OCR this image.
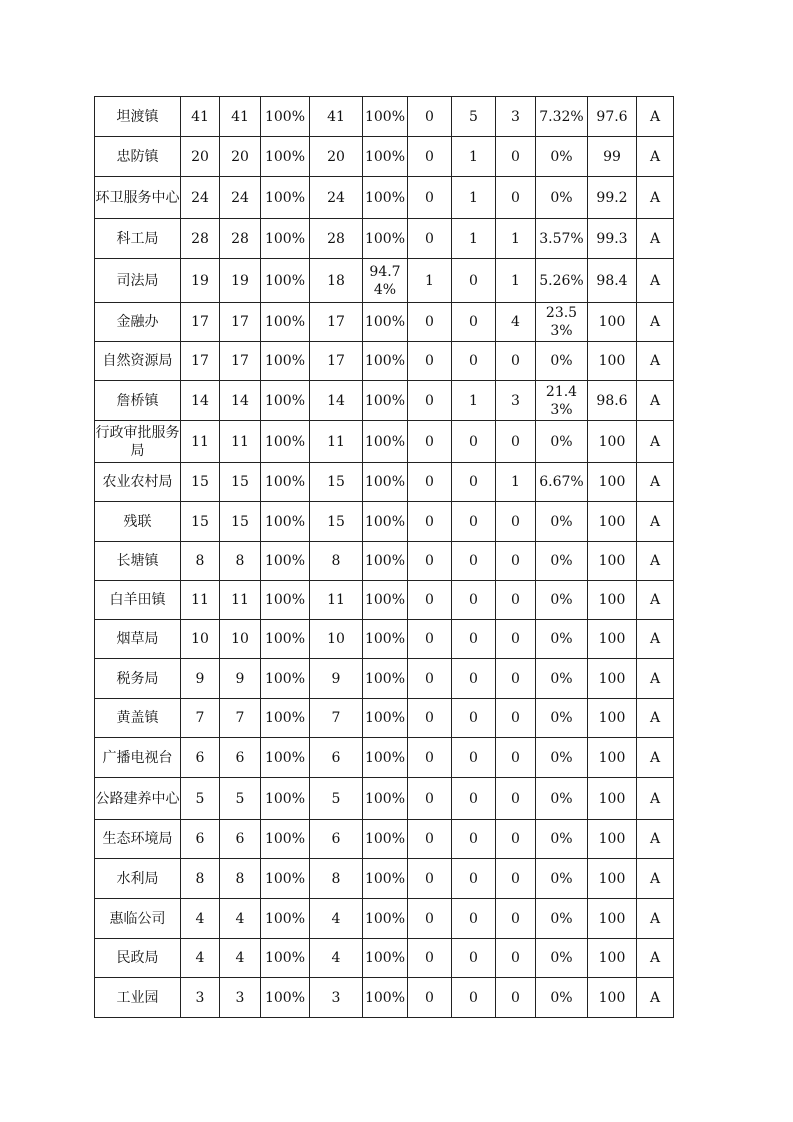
坦渡镇	41	41	100%	41	100%	0	5	3	7.32%	97.6	A
忠防镇	20	20	100%	20	100%	0	1	0	0%	99	A
环卫服务中心	24	24	100%	24	100%	0	1	0	0%	99.2	A
科工局	28	28	100%	28	100%	0	1	1	3.57%	99.3	A
司法局	19	19	100%	18	94.74%	1	0	1	5.26%	98.4	A
金融办	17	17	100%	17	100%	0	0	4	23.53%	100	A
自然资源局	17	17	100%	17	100%	0	0	0	0%	100	A
詹桥镇	14	14	100%	14	100%	0	1	3	21.43%	98.6	A
行政审批服务局	11	11	100%	11	100%	0	0	0	0%	100	A
农业农村局	15	15	100%	15	100%	0	0	1	6.67%	100	A
残联	15	15	100%	15	100%	0	0	0	0%	100	A
长塘镇	8	8	100%	8	100%	0	0	0	0%	100	A
白羊田镇	11	11	100%	11	100%	0	0	0	0%	100	A
烟草局	10	10	100%	10	100%	0	0	0	0%	100	A
税务局	9	9	100%	9	100%	0	0	0	0%	100	A
黄盖镇	7	7	100%	7	100%	0	0	0	0%	100	A
广播电视台	6	6	100%	6	100%	0	0	0	0%	100	A
公路建养中心	5	5	100%	5	100%	0	0	0	0%	100	A
生态环境局	6	6	100%	6	100%	0	0	0	0%	100	A
水利局	8	8	100%	8	100%	0	0	0	0%	100	A
惠临公司	4	4	100%	4	100%	0	0	0	0%	100	A
民政局	4	4	100%	4	100%	0	0	0	0%	100	A
工业园	3	3	100%	3	100%	0	0	0	0%	100	A
